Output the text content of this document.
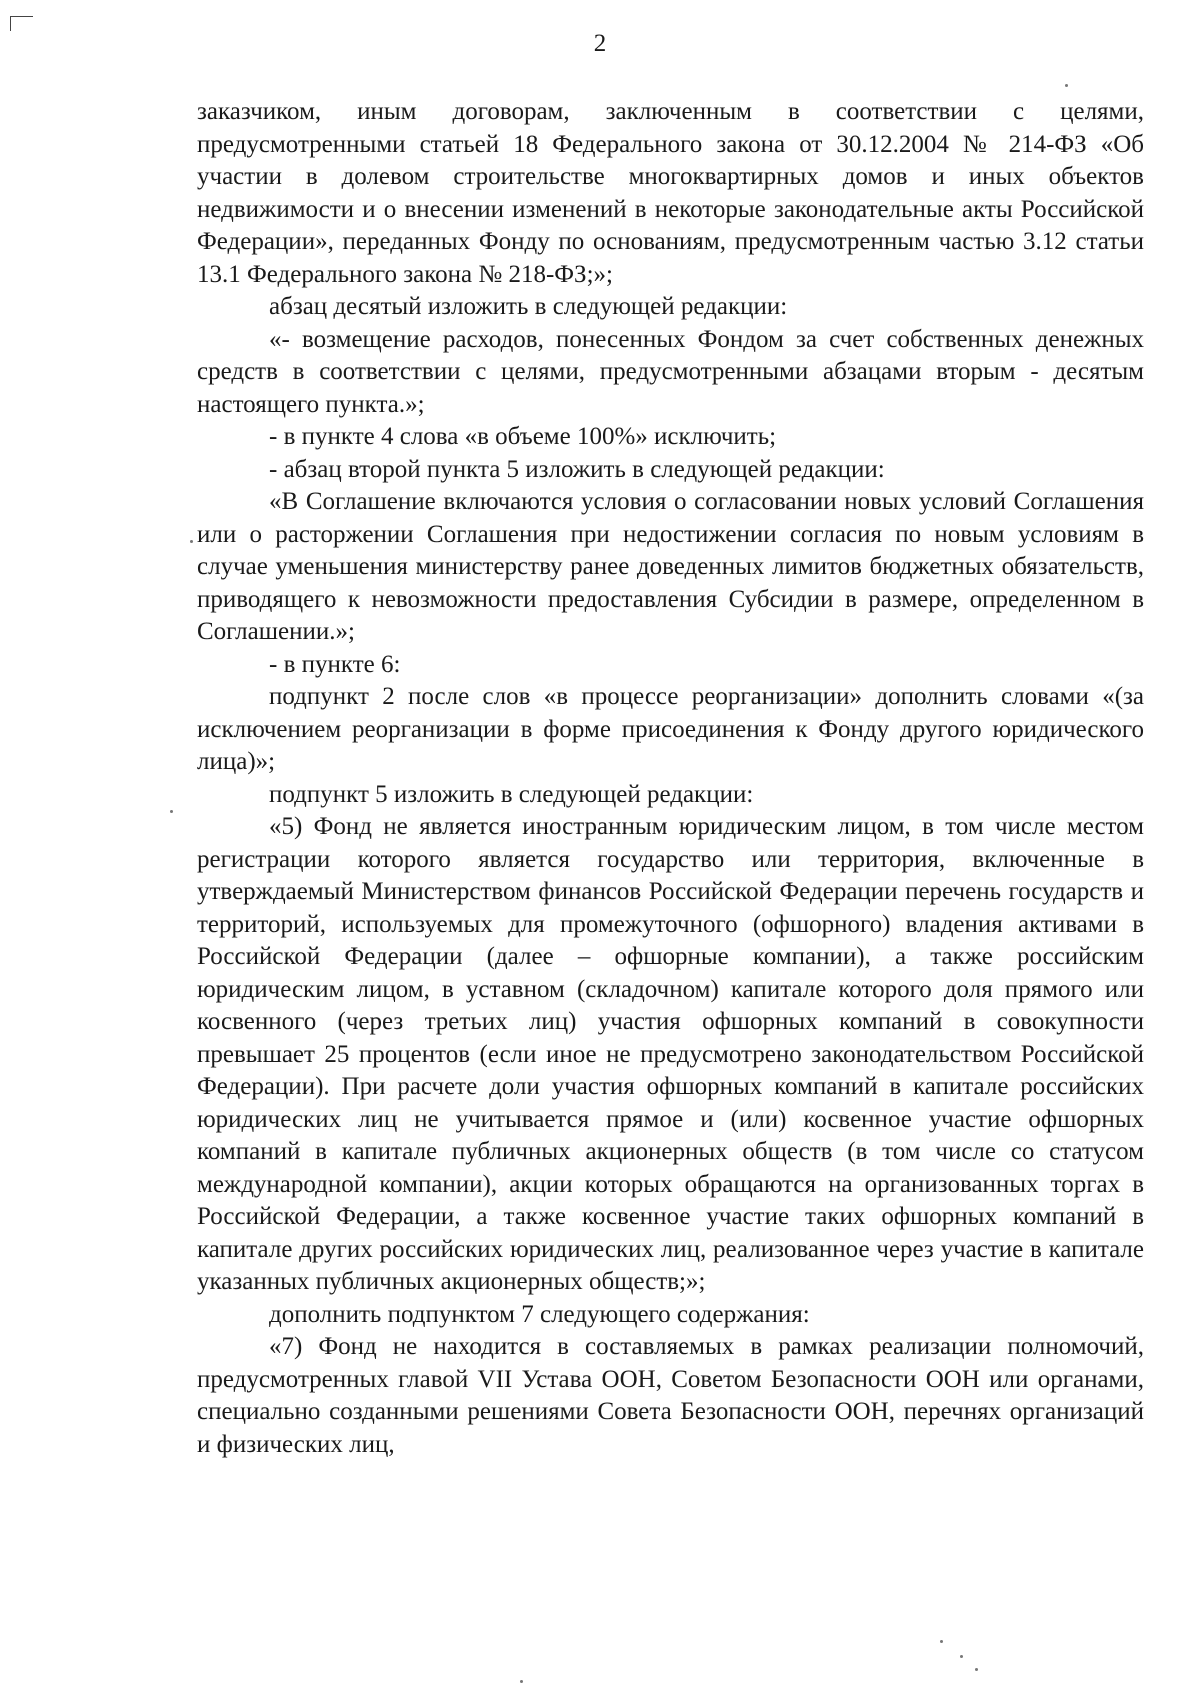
2

заказчиком, иным договорам, заключенным в соответствии с целями, предусмотренными статьей 18 Федерального закона от 30.12.2004 № 214-ФЗ «Об участии в долевом строительстве многоквартирных домов и иных объектов недвижимости и о внесении изменений в некоторые законодательные акты Российской Федерации», переданных Фонду по основаниям, предусмотренным частью 3.12 статьи 13.1 Федерального закона № 218-ФЗ;»;

абзац десятый изложить в следующей редакции:

«- возмещение расходов, понесенных Фондом за счет собственных денежных средств в соответствии с целями, предусмотренными абзацами вторым - десятым настоящего пункта.»;

- в пункте 4 слова «в объеме 100%» исключить;

- абзац второй пункта 5 изложить в следующей редакции:

«В Соглашение включаются условия о согласовании новых условий Соглашения или о расторжении Соглашения при недостижении согласия по новым условиям в случае уменьшения министерству ранее доведенных лимитов бюджетных обязательств, приводящего к невозможности предоставления Субсидии в размере, определенном в Соглашении.»;

- в пункте 6:

подпункт 2 после слов «в процессе реорганизации» дополнить словами «(за исключением реорганизации в форме присоединения к Фонду другого юридического лица)»;

подпункт 5 изложить в следующей редакции:

«5) Фонд не является иностранным юридическим лицом, в том числе местом регистрации которого является государство или территория, включенные в утверждаемый Министерством финансов Российской Федерации перечень государств и территорий, используемых для промежуточного (офшорного) владения активами в Российской Федерации (далее – офшорные компании), а также российским юридическим лицом, в уставном (складочном) капитале которого доля прямого или косвенного (через третьих лиц) участия офшорных компаний в совокупности превышает 25 процентов (если иное не предусмотрено законодательством Российской Федерации). При расчете доли участия офшорных компаний в капитале российских юридических лиц не учитывается прямое и (или) косвенное участие офшорных компаний в капитале публичных акционерных обществ (в том числе со статусом международной компании), акции которых обращаются на организованных торгах в Российской Федерации, а также косвенное участие таких офшорных компаний в капитале других российских юридических лиц, реализованное через участие в капитале указанных публичных акционерных обществ;»;

дополнить подпунктом 7 следующего содержания:

«7) Фонд не находится в составляемых в рамках реализации полномочий, предусмотренных главой VII Устава ООН, Советом Безопасности ООН или органами, специально созданными решениями Совета Безопасности ООН, перечнях организаций и физических лиц,
